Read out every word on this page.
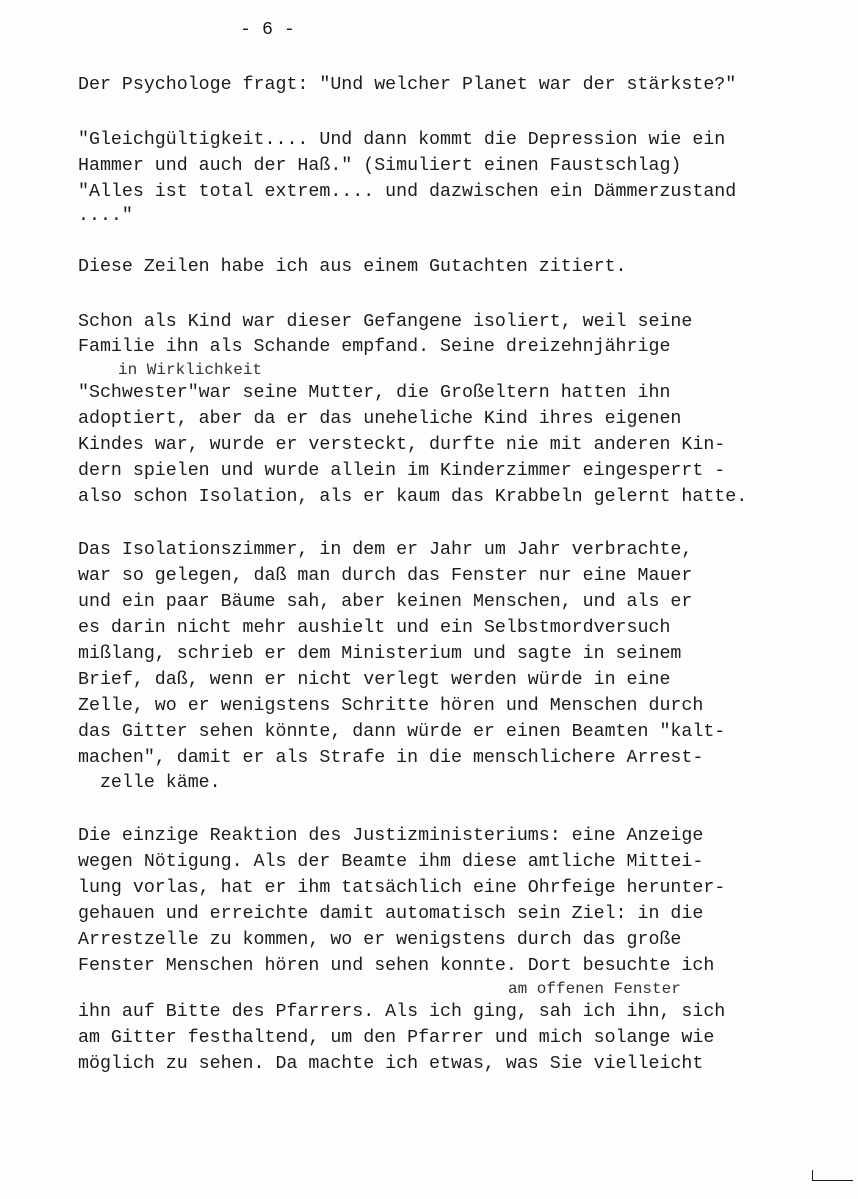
- 6 -
Der Psychologe fragt: "Und welcher Planet war der stärkste?"
"Gleichgültigkeit.... Und dann kommt die Depression wie ein
Hammer und auch der Haß." (Simuliert einen Faustschlag)
"Alles ist total extrem.... und dazwischen ein Dämmerzustand
...."
Diese Zeilen habe ich aus einem Gutachten zitiert.
Schon als Kind war dieser Gefangene isoliert, weil seine
Familie ihn als Schande empfand. Seine dreizehnjährige
"Schwester"war seine Mutter, die Großeltern hatten ihn
adoptiert, aber da er das uneheliche Kind ihres eigenen
Kindes war, wurde er versteckt, durfte nie mit anderen Kin-
dern spielen und wurde allein im Kinderzimmer eingesperrt -
also schon Isolation, als er kaum das Krabbeln gelernt hatte.
Das Isolationszimmer, in dem er Jahr um Jahr verbrachte,
war so gelegen, daß man durch das Fenster nur eine Mauer
und ein paar Bäume sah, aber keinen Menschen, und als er
es darin nicht mehr aushielt und ein Selbstmordversuch
mißlang, schrieb er dem Ministerium und sagte in seinem
Brief, daß, wenn er nicht verlegt werden würde in eine
Zelle, wo er wenigstens Schritte hören und Menschen durch
das Gitter sehen könnte, dann würde er einen Beamten "kalt-
machen", damit er als Strafe in die menschlichere Arrest-
zelle käme.
Die einzige Reaktion des Justizministeriums: eine Anzeige
wegen Nötigung. Als der Beamte ihm diese amtliche Mittei-
lung vorlas, hat er ihm tatsächlich eine Ohrfeige herunter-
gehauen und erreichte damit automatisch sein Ziel: in die
Arrestzelle zu kommen, wo er wenigstens durch das große
Fenster Menschen hören und sehen konnte. Dort besuchte ich
ihn auf Bitte des Pfarrers. Als ich ging, sah ich ihn, sich
am Gitter festhaltend, um den Pfarrer und mich solange wie
möglich zu sehen. Da machte ich etwas, was Sie vielleicht
in Wirklichkeit
am offenen Fenster
